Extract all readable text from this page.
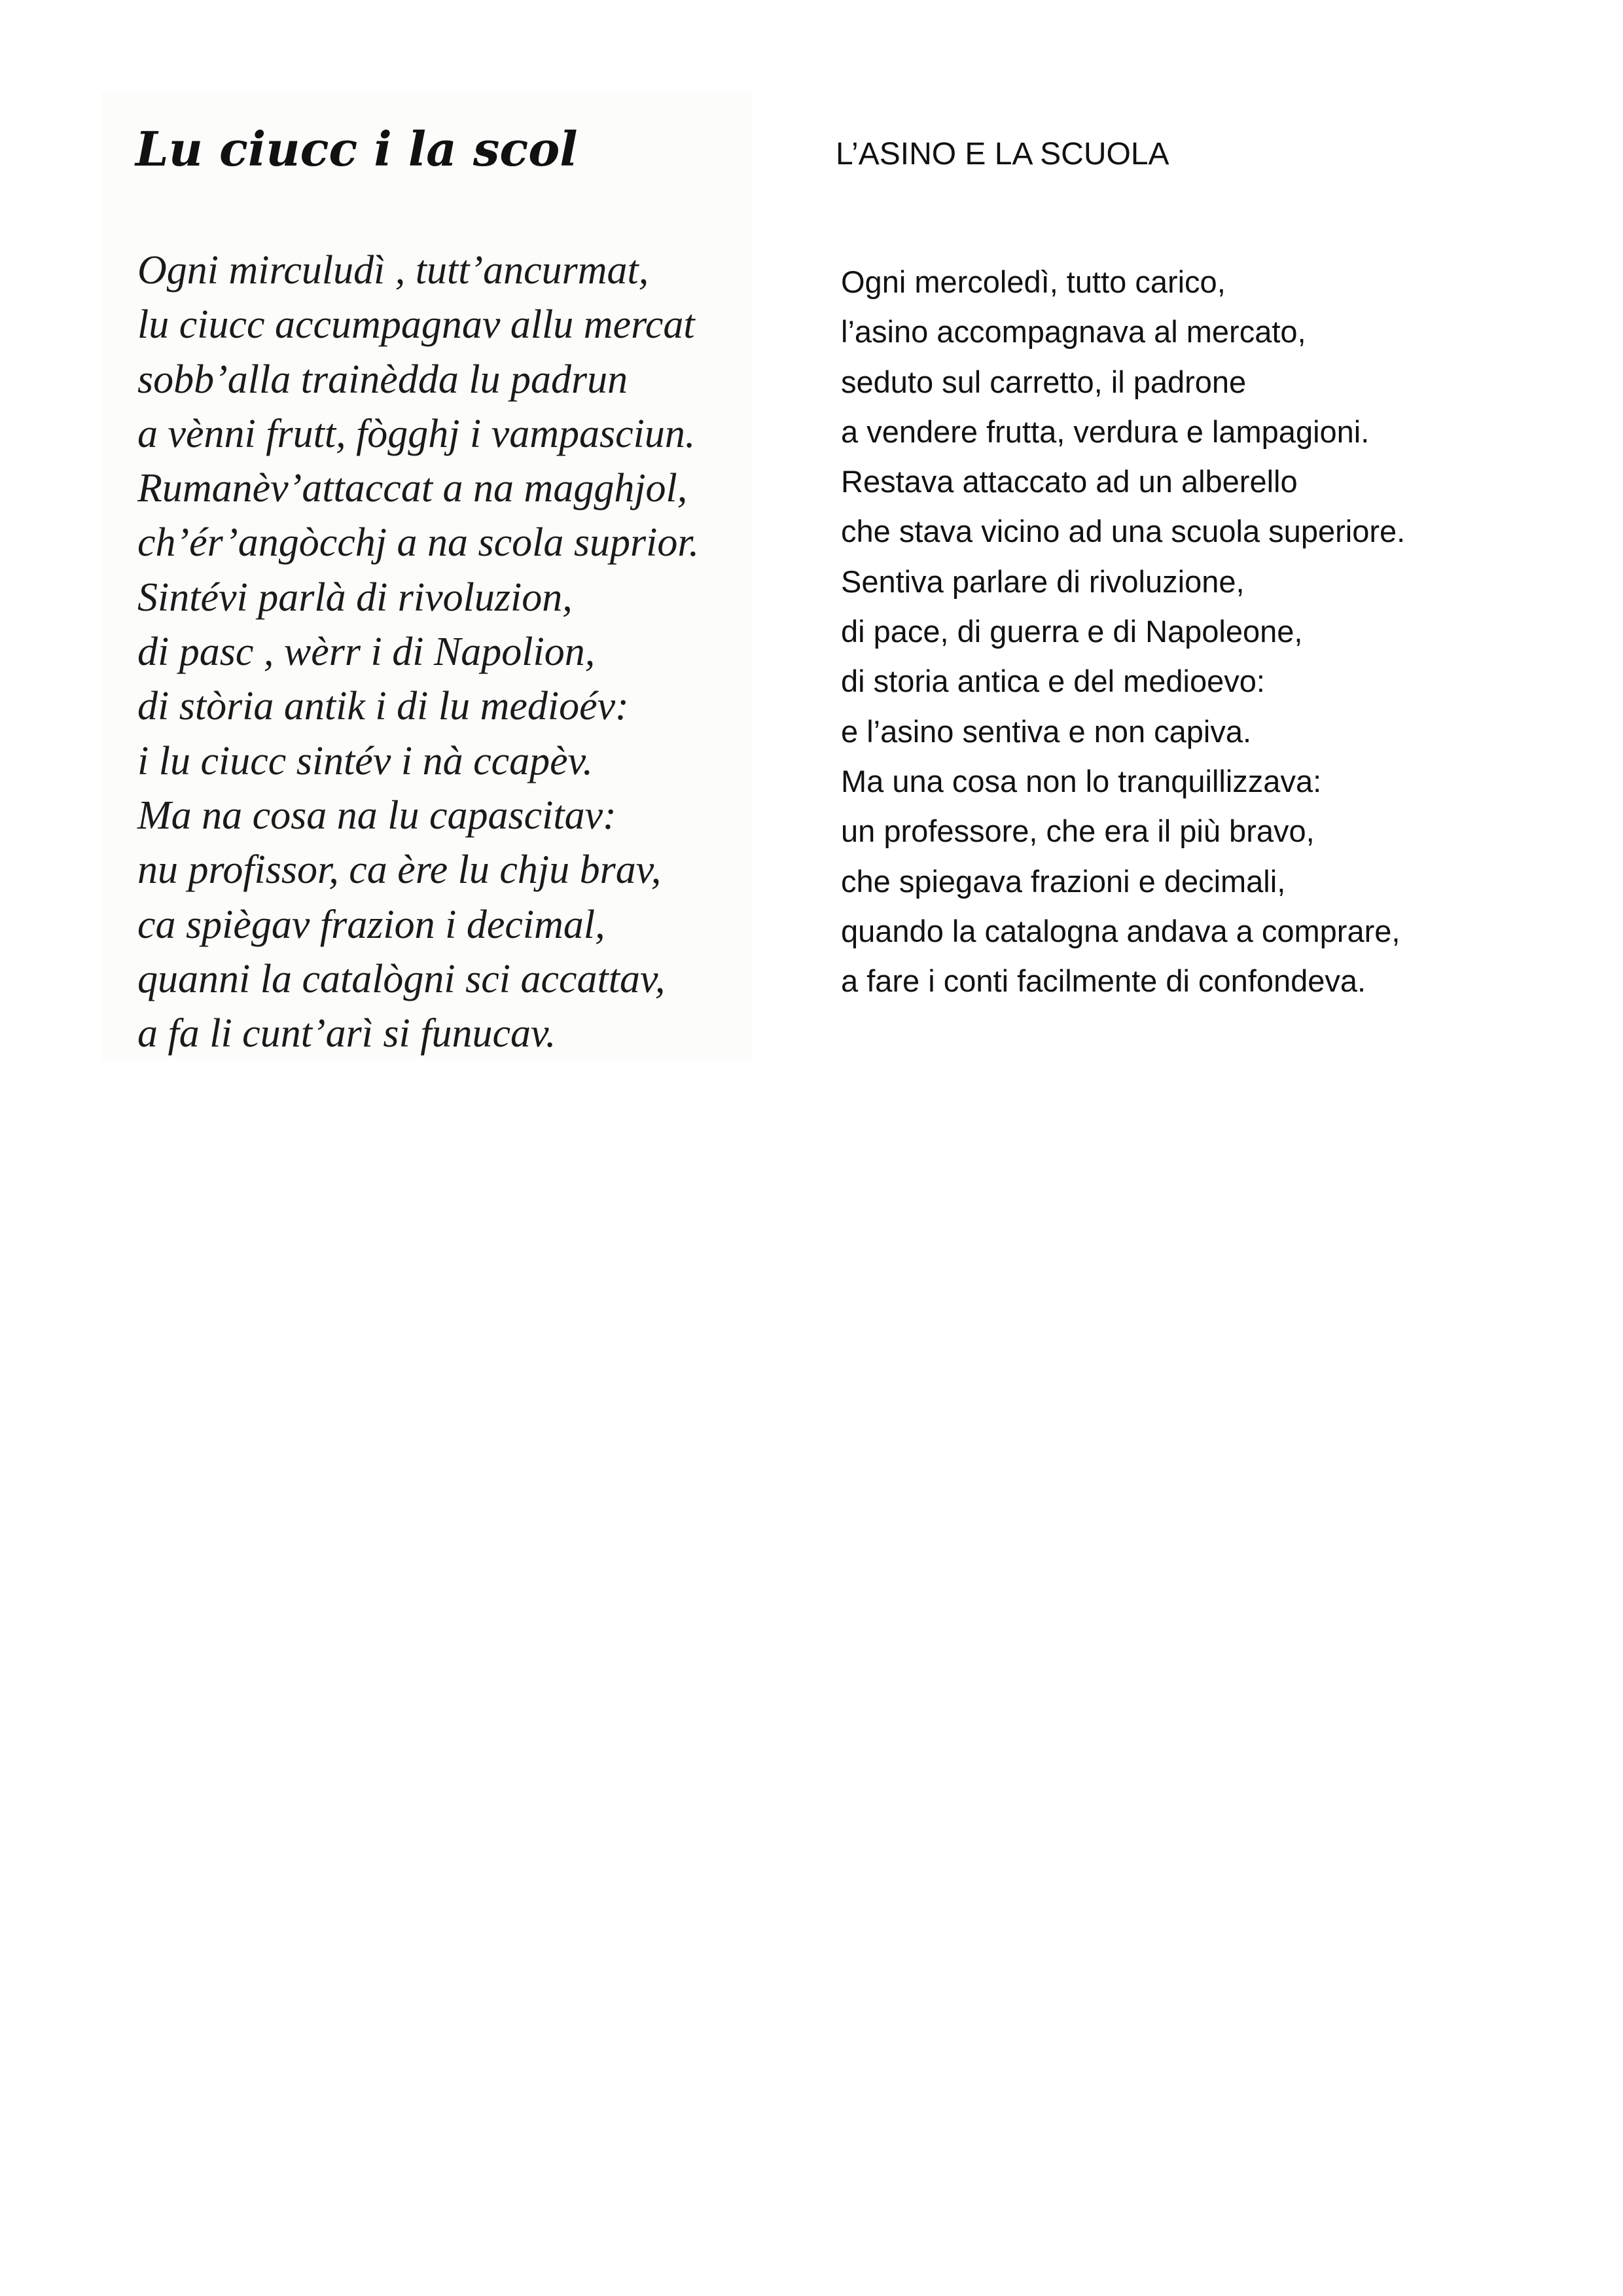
Lu ciucc i la scol
Ogni mirculudì , tutt’ancurmat,
lu ciucc accumpagnav allu mercat
sobb’alla trainèdda lu padrun
a vènni frutt, fògghj i vampasciun.
Rumanèv’attaccat a na magghjol,
ch’ér’angòcchj a na scola suprior.
Sintévi parlà di rivoluzion,
di pasc , wèrr i di Napolion,
di stòria antik i di lu medioév:
i lu ciucc sintév i nà ccapèv.
Ma na cosa na lu capascitav:
nu profissor, ca ère lu chju brav,
ca spiègav frazion i decimal,
quanni la catalògni sci accattav,
a fa li cunt’arì si funucav.
L’ASINO E LA SCUOLA
Ogni mercoledì, tutto carico,
l’asino accompagnava al mercato,
seduto sul carretto, il padrone
a vendere frutta, verdura e lampagioni.
Restava attaccato ad un alberello
che stava vicino ad una scuola superiore.
Sentiva parlare di rivoluzione,
di pace, di guerra e di Napoleone,
di storia antica e del medioevo:
e l’asino sentiva e non capiva.
Ma una cosa non lo tranquillizzava:
un professore, che era il più bravo,
che spiegava frazioni e decimali,
quando la catalogna andava a comprare,
a fare i conti facilmente di confondeva.
